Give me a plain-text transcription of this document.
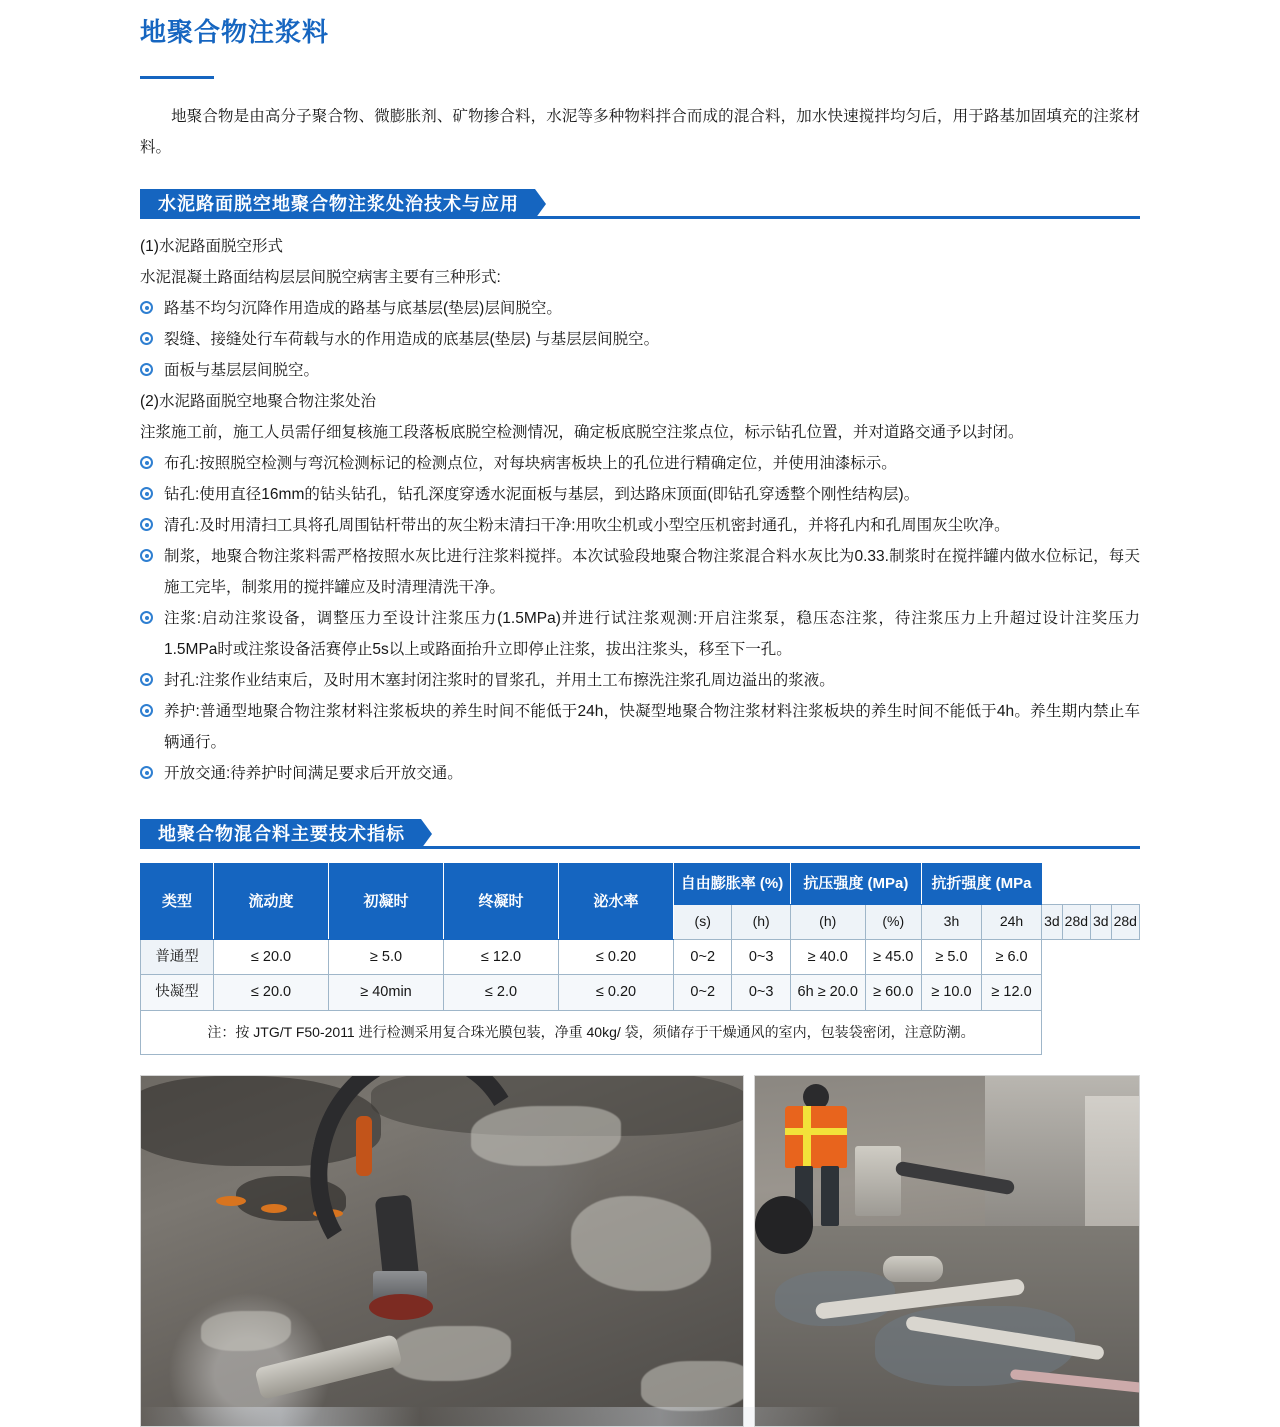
地聚合物注浆料

地聚合物是由高分子聚合物、微膨胀剂、矿物掺合料，水泥等多种物料拌合而成的混合料，加水快速搅拌均匀后，用于路基加固填充的注浆材料。

水泥路面脱空地聚合物注浆处治技术与应用
(1)水泥路面脱空形式
水泥混凝土路面结构层层间脱空病害主要有三种形式:
路基不均匀沉降作用造成的路基与底基层(垫层)层间脱空。
裂缝、接缝处行车荷载与水的作用造成的底基层(垫层) 与基层层间脱空。
面板与基层层间脱空。
(2)水泥路面脱空地聚合物注浆处治
注浆施工前，施工人员需仔细复核施工段落板底脱空检测情况，确定板底脱空注浆点位，标示钻孔位置，并对道路交通予以封闭。
布孔:按照脱空检测与弯沉检测标记的检测点位，对每块病害板块上的孔位进行精确定位，并使用油漆标示。
钻孔:使用直径16mm的钻头钻孔，钻孔深度穿透水泥面板与基层，到达路床顶面(即钻孔穿透整个刚性结构层)。
清孔:及时用清扫工具将孔周围钻杆带出的灰尘粉末清扫干净:用吹尘机或小型空压机密封通孔，并将孔内和孔周围灰尘吹净。
制浆，地聚合物注浆料需严格按照水灰比进行注浆料搅拌。本次试验段地聚合物注浆混合料水灰比为0.33.制浆时在搅拌罐内做水位标记，每天施工完毕，制浆用的搅拌罐应及时清理清洗干净。
注浆:启动注浆设备，调整压力至设计注浆压力(1.5MPa)并进行试注浆观测:开启注浆泵，稳压态注浆，待注浆压力上升超过设计注奖压力1.5MPa时或注浆设备活赛停止5s以上或路面抬升立即停止注浆，拔出注浆头，移至下一孔。
封孔:注浆作业结束后，及时用木塞封闭注浆时的冒浆孔，并用土工布擦洗注浆孔周边溢出的浆液。
养护:普通型地聚合物注浆材料注浆板块的养生时间不能低于24h，快凝型地聚合物注浆材料注浆板块的养生时间不能低于4h。养生期内禁止车辆通行。
开放交通:待养护时间满足要求后开放交通。
地聚合物混合料主要技术指标
类型	流动度	初凝时	终凝时	泌水率	自由膨胀率 (%)		抗压强度 (MPa)		抗折强度 (MPa					
					(s)	(h)	(h)	(%)	3h	24h	3d	28d	3d	28d
普通型	≤ 20.0	≥ 5.0	≤ 12.0	≤ 0.20	0~2	0~3	≥ 40.0	≥ 45.0	≥ 5.0	≥ 6.0				
快凝型	≤ 20.0	≥ 40min	≤ 2.0	≤ 0.20	0~2	0~3	6h ≥ 20.0	≥ 60.0	≥ 10.0	≥ 12.0				
注：按 JTG/T F50-2011 进行检测采用复合珠光膜包装，净重 40kg/ 袋，须储存于干燥通风的室内，包装袋密闭，注意防潮。														
